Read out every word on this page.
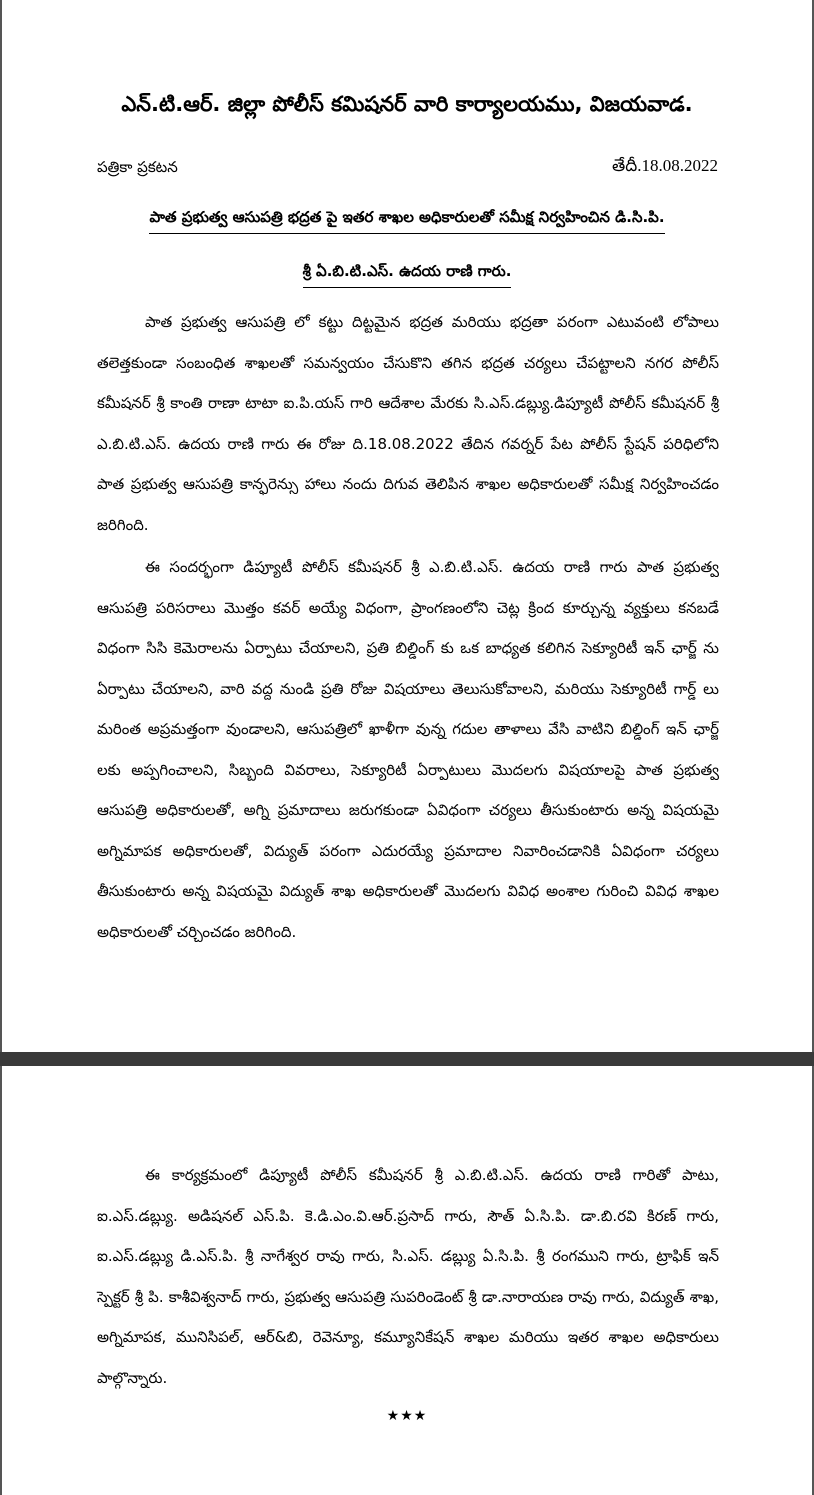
ఎన్.టి.ఆర్. జిల్లా పోలీస్ కమిషనర్ వారి కార్యాలయము, విజయవాడ.
పత్రికా ప్రకటన	తేదీ.18.08.2022
పాత ప్రభుత్వ ఆసుపత్రి భద్రత పై ఇతర శాఖల అధికారులతో సమీక్ష నిర్వహించిన డి.సి.పి.
శ్రీ ఏ.బి.టి.ఎస్. ఉదయ రాణి గారు.

పాత ప్రభుత్వ ఆసుపత్రి లో కట్టు దిట్టమైన భద్రత మరియు భద్రతా పరంగా ఎటువంటి లోపాలు తలెత్తకుండా సంబంధిత శాఖలతో సమన్వయం చేసుకొని తగిన భద్రత చర్యలు చేపట్టాలని నగర పోలీస్ కమీషనర్ శ్రీ కాంతి రాణా టాటా ఐ.పి.యస్ గారి ఆదేశాల మేరకు సి.ఎస్.డబ్ల్యు.డిప్యూటీ పోలీస్ కమీషనర్ శ్రీ ఎ.బి.టి.ఎస్. ఉదయ రాణి గారు ఈ రోజు ది.18.08.2022 తేదిన గవర్నర్ పేట పోలీస్ స్టేషన్ పరిధిలోని పాత ప్రభుత్వ ఆసుపత్రి కాన్ఫరెన్సు హాలు నందు దిగువ తెలిపిన శాఖల అధికారులతో సమీక్ష నిర్వహించడం జరిగింది.

ఈ సందర్భంగా డిప్యూటీ పోలీస్ కమీషనర్ శ్రీ ఎ.బి.టి.ఎస్. ఉదయ రాణి గారు పాత ప్రభుత్వ ఆసుపత్రి పరిసరాలు మొత్తం కవర్ అయ్యే విధంగా, ప్రాంగణంలోని చెట్ల క్రింద కూర్చున్న వ్యక్తులు కనబడే విధంగా సిసి కెమెరాలను ఏర్పాటు చేయాలని, ప్రతి బిల్డింగ్ కు ఒక బాధ్యత కలిగిన సెక్యూరిటీ ఇన్ ఛార్జ్ ను ఏర్పాటు చేయాలని, వారి వద్ద నుండి ప్రతి రోజు విషయాలు తెలుసుకోవాలని, మరియు సెక్యూరిటీ గార్డ్ లు మరింత అప్రమత్తంగా వుండాలని, ఆసుపత్రిలో ఖాళీగా వున్న గదుల తాళాలు వేసి వాటిని బిల్డింగ్ ఇన్ ఛార్జ్ లకు అప్పగించాలని, సిబ్బంది వివరాలు, సెక్యూరిటీ ఏర్పాటులు మొదలగు విషయాలపై పాత ప్రభుత్వ ఆసుపత్రి అధికారులతో, అగ్ని ప్రమాదాలు జరుగకుండా ఏవిధంగా చర్యలు తీసుకుంటారు అన్న విషయమై అగ్నిమాపక అధికారులతో, విద్యుత్ పరంగా ఎదురయ్యే ప్రమాదాల నివారించడానికి ఏవిధంగా చర్యలు తీసుకుంటారు అన్న విషయమై విద్యుత్ శాఖ అధికారులతో మొదలగు వివిధ అంశాల గురించి వివిధ శాఖల అధికారులతో చర్చించడం జరిగింది.

ఈ కార్యక్రమంలో డిప్యూటీ పోలీస్ కమీషనర్ శ్రీ ఎ.బి.టి.ఎస్. ఉదయ రాణి గారితో పాటు, ఐ.ఎస్.డబ్ల్యు. అడిషనల్ ఎస్.పి. కె.డి.ఎం.వి.ఆర్.ప్రసాద్ గారు, సౌత్ ఏ.సి.పి. డా.బి.రవి కిరణ్ గారు, ఐ.ఎస్.డబ్ల్యు డి.ఎస్.పి. శ్రీ నాగేశ్వర రావు గారు, సి.ఎస్. డబ్ల్యు ఏ.సి.పి. శ్రీ రంగముని గారు, ట్రాఫిక్ ఇన్ స్పెక్టర్ శ్రీ పి. కాశీవిశ్వనాద్ గారు, ప్రభుత్వ ఆసుపత్రి సుపరిండెంట్ శ్రీ డా.నారాయణ రావు గారు, విద్యుత్ శాఖ, అగ్నిమాపక, మునిసిపల్, ఆర్&బి, రెవెన్యూ, కమ్యూనికేషన్ శాఖల మరియు ఇతర శాఖల అధికారులు పాల్గొన్నారు.

★★★
